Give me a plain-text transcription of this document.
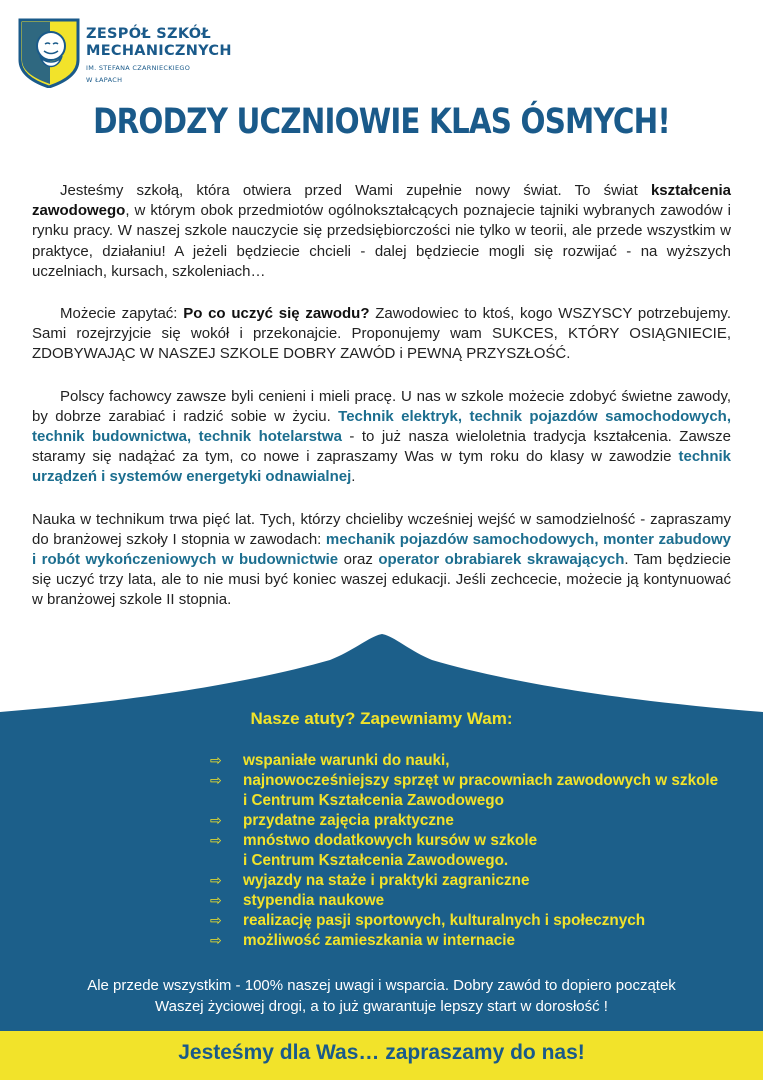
ZESPÓŁ SZKÓŁ
MECHANICZNYCH
IM. STEFANA CZARNIECKIEGO
W ŁAPACH
DRODZY UCZNIOWIE KLAS ÓSMYCH!

Jesteśmy szkołą, która otwiera przed Wami zupełnie nowy świat. To świat kształcenia zawodowego, w którym obok przedmiotów ogólnokształcących poznajecie tajniki wybranych zawodów i rynku pracy. W naszej szkole nauczycie się przedsiębiorczości nie tylko w teorii, ale przede wszystkim w praktyce, działaniu! A jeżeli będziecie chcieli - dalej będziecie mogli się rozwijać - na wyższych uczelniach, kursach, szkoleniach…

Możecie zapytać: Po co uczyć się zawodu? Zawodowiec to ktoś, kogo WSZYSCY potrzebujemy. Sami rozejrzyjcie się wokół i przekonajcie. Proponujemy wam SUKCES, KTÓRY OSIĄGNIECIE, ZDOBYWAJĄC W NASZEJ SZKOLE DOBRY ZAWÓD i PEWNĄ PRZYSZŁOŚĆ.

Polscy fachowcy zawsze byli cenieni i mieli pracę. U nas w szkole możecie zdobyć świetne zawody, by dobrze zarabiać i radzić sobie w życiu. Technik elektryk, technik pojazdów samochodowych, technik budownictwa, technik hotelarstwa - to już nasza wieloletnia tradycja kształcenia. Zawsze staramy się nadążać za tym, co nowe i zapraszamy Was w tym roku do klasy w zawodzie technik urządzeń i systemów energetyki odnawialnej.

Nauka w technikum trwa pięć lat. Tych, którzy chcieliby wcześniej wejść w samodzielność - zapraszamy do branżowej szkoły I stopnia w zawodach: mechanik pojazdów samochodowych, monter zabudowy i robót wykończeniowych w budownictwie oraz operator obrabiarek skrawających. Tam będziecie się uczyć trzy lata, ale to nie musi być koniec waszej edukacji. Jeśli zechcecie, możecie ją kontynuować w branżowej szkole II stopnia.

Nasze atuty? Zapewniamy Wam:
⇨ wspaniałe warunki do nauki,
⇨ najnowocześniejszy sprzęt w pracowniach zawodowych w szkole
i Centrum Kształcenia Zawodowego
⇨ przydatne zajęcia praktyczne
⇨ mnóstwo dodatkowych kursów w szkole
i Centrum Kształcenia Zawodowego.
⇨ wyjazdy na staże i praktyki zagraniczne
⇨ stypendia naukowe
⇨ realizację pasji sportowych, kulturalnych i społecznych
⇨ możliwość zamieszkania w internacie
Ale przede wszystkim - 100% naszej uwagi i wsparcia. Dobry zawód to dopiero początek
Waszej życiowej drogi, a to już gwarantuje lepszy start w dorosłość !
Jesteśmy dla Was… zapraszamy do nas!
